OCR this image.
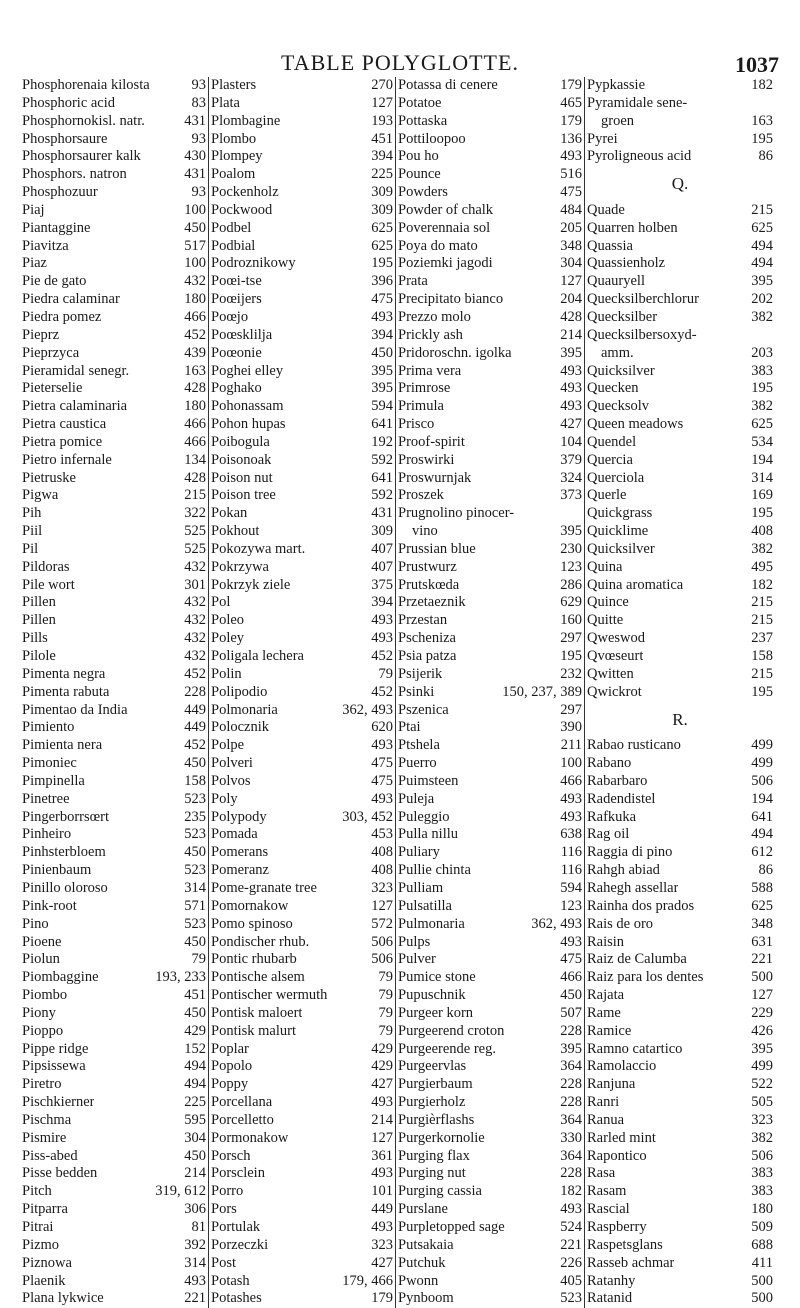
TABLE POLYGLOTTE.	1037
Phosphorenaia kilosta	93
Phosphoric acid	83
Phosphornokisl. natr.	431
Phosphorsaure	93
Phosphorsaurer kalk	430
Phosphors. natron	431
Phosphozuur	93
Piaj	100
Piantaggine	450
Piavitza	517
Piaz	100
Pie de gato	432
Piedra calaminar	180
Piedra pomez	466
Pieprz	452
Pieprzyca	439
Pieramidal senegr.	163
Pieterselie	428
Pietra calaminaria	180
Pietra caustica	466
Pietra pomice	466
Pietro infernale	134
Pietruske	428
Pigwa	215
Pih	322
Piil	525
Pil	525
Pildoras	432
Pile wort	301
Pillen	432
Pillen	432
Pills	432
Pilole	432
Pimenta negra	452
Pimenta rabuta	228
Pimentao da India	449
Pimiento	449
Pimienta nera	452
Pimoniec	450
Pimpinella	158
Pinetree	523
Pingerborrsœrt	235
Pinheiro	523
Pinhsterbloem	450
Pinienbaum	523
Pinillo oloroso	314
Pink-root	571
Pino	523
Pioene	450
Piolun	79
Piombaggine	193, 233
Piombo	451
Piony	450
Pioppo	429
Pippe ridge	152
Pipsissewa	494
Piretro	494
Pischkierner	225
Pischma	595
Pismire	304
Piss-abed	450
Pisse bedden	214
Pitch	319, 612
Pitparra	306
Pitrai	81
Pizmo	392
Piznowa	314
Plaenik	493
Plana lykwice	221
Plasters	270
Plata	127
Plombagine	193
Plombo	451
Plompey	394
Poalom	225
Pockenholz	309
Pockwood	309
Podbel	625
Podbial	625
Podroznikowy	195
Poœi-tse	396
Poœijers	475
Poœjo	493
Poœsklilja	394
Poœonie	450
Poghei elley	395
Poghako	395
Pohonassam	594
Pohon hupas	641
Poibogula	192
Poisonoak	592
Poison nut	641
Poison tree	592
Pokan	431
Pokhout	309
Pokozywa mart.	407
Pokrzywa	407
Pokrzyk ziele	375
Pol	394
Poleo	493
Poley	493
Poligala lechera	452
Polin	79
Polipodio	452
Polmonaria	362, 493
Polocznik	620
Polpe	493
Polveri	475
Polvos	475
Poly	493
Polypody	303, 452
Pomada	453
Pomerans	408
Pomeranz	408
Pome-granate tree	323
Pomornakow	127
Pomo spinoso	572
Pondischer rhub.	506
Pontic rhubarb	506
Pontische alsem	79
Pontischer wermuth	79
Pontisk maloert	79
Pontisk malurt	79
Poplar	429
Popolo	429
Poppy	427
Porcellana	493
Porcelletto	214
Pormonakow	127
Porsch	361
Porsclein	493
Porro	101
Pors	449
Portulak	493
Porzeczki	323
Post	427
Potash	179, 466
Potashes	179
Potassa di cenere	179
Potatoe	465
Pottaska	179
Pottiloopoo	136
Pou ho	493
Pounce	516
Powders	475
Powder of chalk	484
Poverennaia sol	205
Poya do mato	348
Poziemki jagodi	304
Prata	127
Precipitato bianco	204
Prezzo molo	428
Prickly ash	214
Pridoroschn. igolka	395
Prima vera	493
Primrose	493
Primula	493
Prisco	427
Proof-spirit	104
Proswirki	379
Proswurnjak	324
Proszek	373
Prugnolino pinocer-
vino	395
Prussian blue	230
Prustwurz	123
Prutskœda	286
Przetaeznik	629
Przestan	160
Pscheniza	297
Psia patza	195
Psijerik	232
Psinki	150, 237, 389
Pszenica	297
Ptai	390
Ptshela	211
Puerro	100
Puimsteen	466
Puleja	493
Puleggio	493
Pulla nillu	638
Puliary	116
Pullie chinta	116
Pulliam	594
Pulsatilla	123
Pulmonaria	362, 493
Pulps	493
Pulver	475
Pumice stone	466
Pupuschnik	450
Purgeer korn	507
Purgeerend croton	228
Purgeerende reg.	395
Purgeervlas	364
Purgierbaum	228
Purgierholz	228
Purgièrflashs	364
Purgerkornolie	330
Purging flax	364
Purging nut	228
Purging cassia	182
Purslane	493
Purpletopped sage	524
Putsakaia	221
Putchuk	226
Pwonn	405
Pynboom	523
Pypkassie	182
Pyramidale sene-
groen	163
Pyrei	195
Pyroligneous acid	86
Q.
Quade	215
Quarren holben	625
Quassia	494
Quassienholz	494
Quauryell	395
Quecksilberchlorur	202
Quecksilber	382
Quecksilbersoxyd-
amm.	203
Quicksilver	383
Quecken	195
Quecksolv	382
Queen meadows	625
Quendel	534
Quercia	194
Querciola	314
Querle	169
Quickgrass	195
Quicklime	408
Quicksilver	382
Quina	495
Quina aromatica	182
Quince	215
Quitte	215
Qweswod	237
Qvœseurt	158
Qwitten	215
Qwickrot	195
R.
Rabao rusticano	499
Rabano	499
Rabarbaro	506
Radendistel	194
Rafkuka	641
Rag oil	494
Raggia di pino	612
Rahgh abiad	86
Rahegh assellar	588
Rainha dos prados	625
Rais de oro	348
Raisin	631
Raiz de Calumba	221
Raiz para los dentes	500
Rajata	127
Rame	229
Ramice	426
Ramno catartico	395
Ramolaccio	499
Ranjuna	522
Ranri	505
Ranua	323
Rarled mint	382
Rapontico	506
Rasa	383
Rasam	383
Rascial	180
Raspberry	509
Raspetsglans	688
Rasseb achmar	411
Ratanhy	500
Ratanid	500
